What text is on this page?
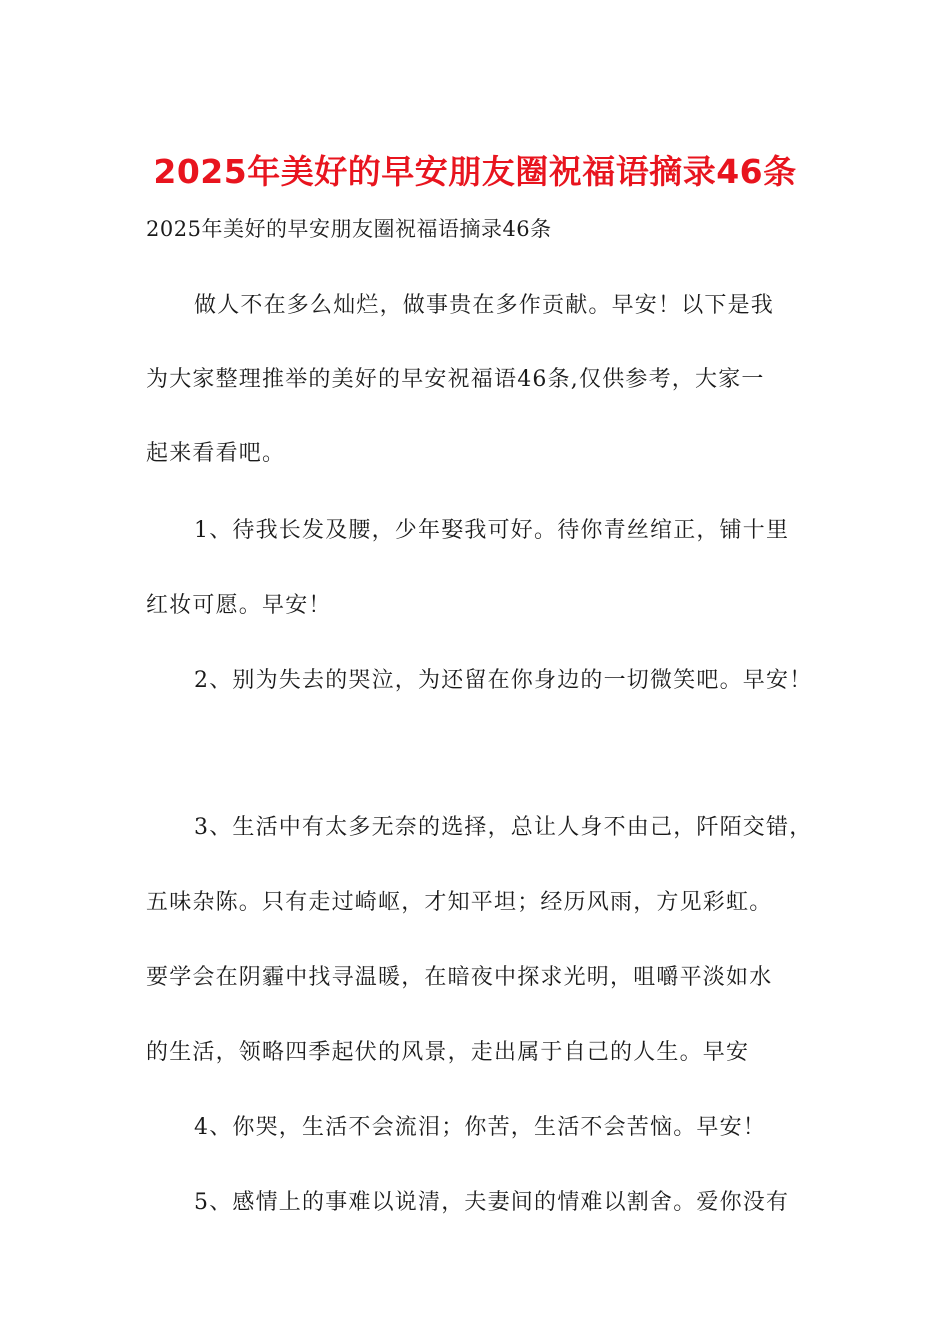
2025年美好的早安朋友圈祝福语摘录46条
2025年美好的早安朋友圈祝福语摘录46条
做人不在多么灿烂，做事贵在多作贡献。早安！以下是我
为大家整理推举的美好的早安祝福语46条,仅供参考，大家一
起来看看吧。
1、待我长发及腰，少年娶我可好。待你青丝绾正，铺十里
红妆可愿。早安！
2、别为失去的哭泣，为还留在你身边的一切微笑吧。早安！
3、生活中有太多无奈的选择，总让人身不由己，阡陌交错，
五味杂陈。只有走过崎岖，才知平坦；经历风雨，方见彩虹。
要学会在阴霾中找寻温暖，在暗夜中探求光明，咀嚼平淡如水
的生活，领略四季起伏的风景，走出属于自己的人生。早安
4、你哭，生活不会流泪；你苦，生活不会苦恼。早安！
5、感情上的事难以说清，夫妻间的情难以割舍。爱你没有
